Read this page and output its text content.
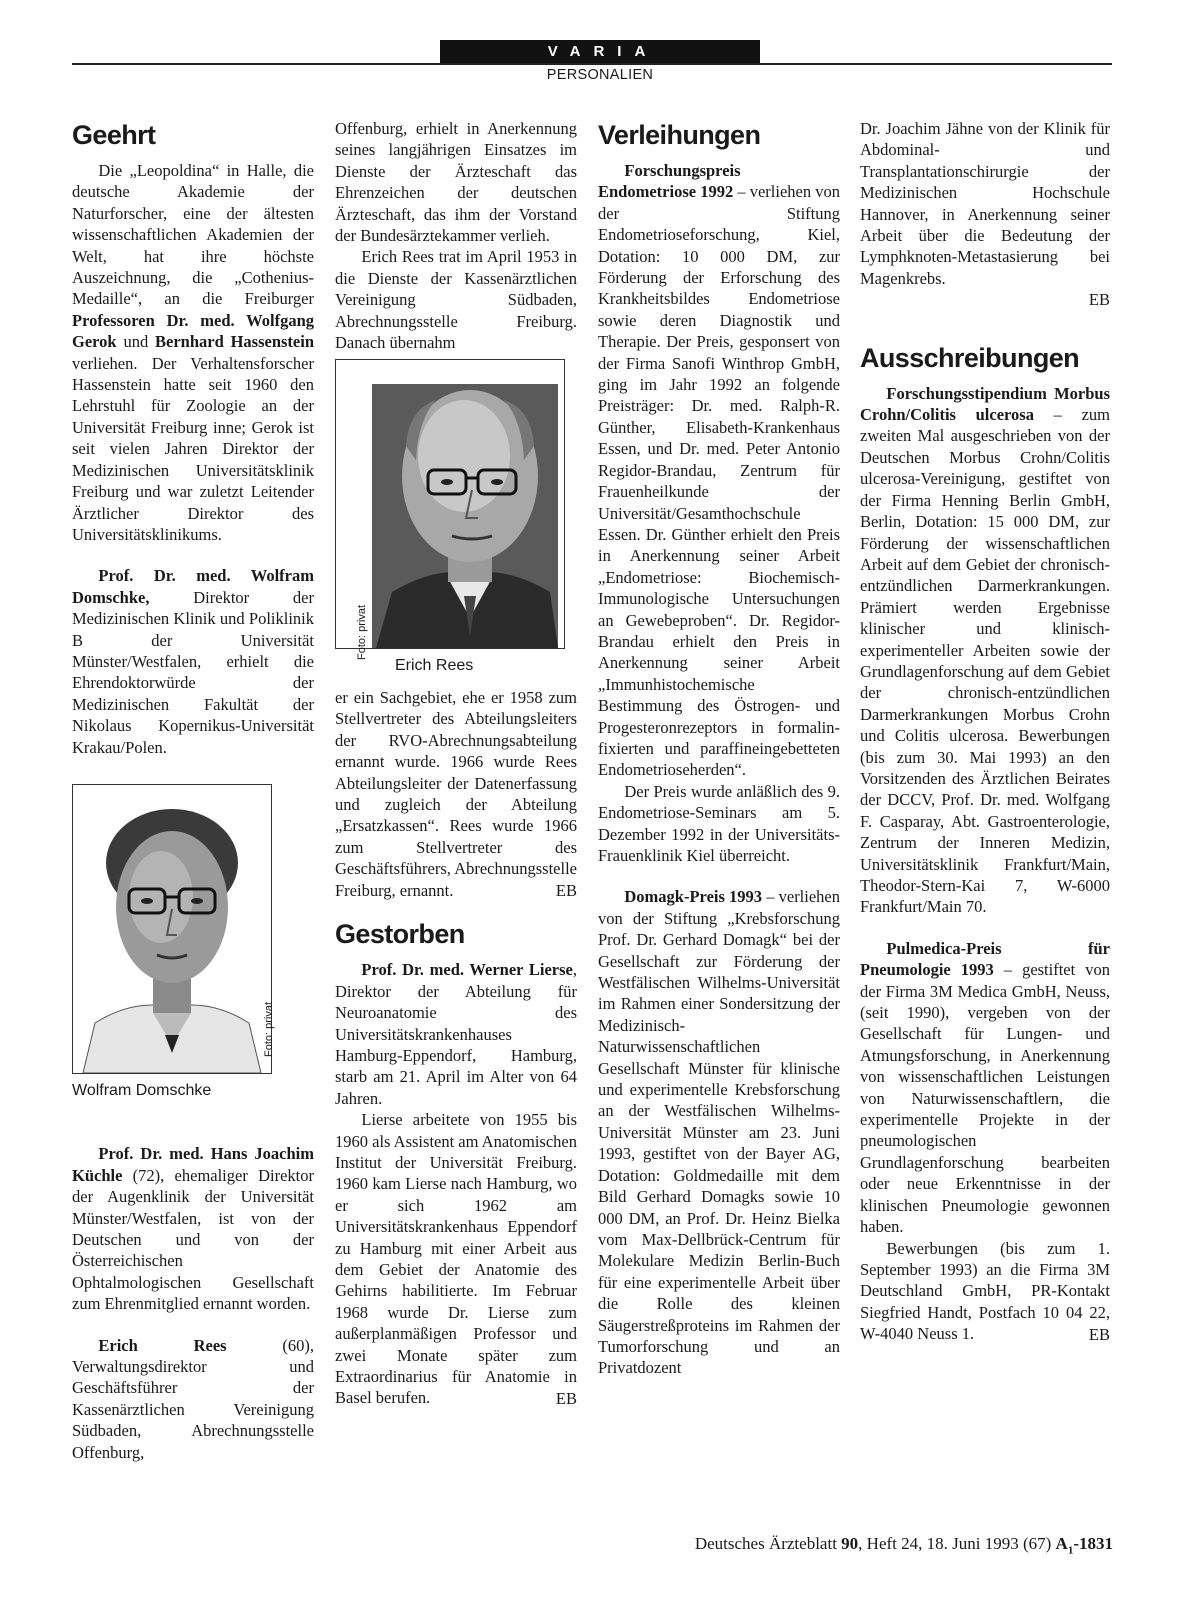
VARIA
PERSONALIEN
Geehrt

Die „Leopoldina“ in Halle, die deutsche Akademie der Naturforscher, eine der ältesten wissenschaftlichen Akademien der Welt, hat ihre höchste Auszeichnung, die „Cothenius-Medaille“, an die Freiburger Professoren Dr. med. Wolfgang Gerok und Bernhard Hassenstein verliehen. Der Verhaltensforscher Hassenstein hatte seit 1960 den Lehrstuhl für Zoologie an der Universität Freiburg inne; Gerok ist seit vielen Jahren Direktor der Medizinischen Universitätsklinik Freiburg und war zuletzt Leitender Ärztlicher Direktor des Universitätsklinikums.

Prof. Dr. med. Wolfram Domschke, Direktor der Medizinischen Klinik und Poliklinik B der Universität Münster/Westfalen, erhielt die Ehrendoktorwürde der Medizinischen Fakultät der Nikolaus Kopernikus-Universität Krakau/Polen.

Foto: privat
Wolfram Domschke

Prof. Dr. med. Hans Joachim Küchle (72), ehemaliger Direktor der Augenklinik der Universität Münster/Westfalen, ist von der Deutschen und von der Österreichischen Ophtalmologischen Gesellschaft zum Ehrenmitglied ernannt worden.

Erich Rees (60), Verwaltungsdirektor und Geschäftsführer der Kassenärztlichen Vereinigung Südbaden, Abrechnungsstelle Offenburg,

Offenburg, erhielt in Anerkennung seines langjährigen Einsatzes im Dienste der Ärzteschaft das Ehrenzeichen der deutschen Ärzteschaft, das ihm der Vorstand der Bundesärztekammer verlieh.

Erich Rees trat im April 1953 in die Dienste der Kassenärztlichen Vereinigung Südbaden, Abrechnungsstelle Freiburg. Danach übernahm

Foto: privat
Erich Rees

er ein Sachgebiet, ehe er 1958 zum Stellvertreter des Abteilungsleiters der RVO-Abrechnungsabteilung ernannt wurde. 1966 wurde Rees Abteilungsleiter der Datenerfassung und zugleich der Abteilung „Ersatzkassen“. Rees wurde 1966 zum Stellvertreter des Geschäftsführers, Abrechnungsstelle Freiburg, ernannt.	EB

Gestorben

Prof. Dr. med. Werner Lierse, Direktor der Abteilung für Neuroanatomie des Universitätskrankenhauses Hamburg-Eppendorf, Hamburg, starb am 21. April im Alter von 64 Jahren.

Lierse arbeitete von 1955 bis 1960 als Assistent am Anatomischen Institut der Universität Freiburg. 1960 kam Lierse nach Hamburg, wo er sich 1962 am Universitätskrankenhaus Eppendorf zu Hamburg mit einer Arbeit aus dem Gebiet der Anatomie des Gehirns habilitierte. Im Februar 1968 wurde Dr. Lierse zum außerplanmäßigen Professor und zwei Monate später zum Extraordinarius für Anatomie in Basel berufen.	EB

Verleihungen

Forschungspreis Endometriose 1992 – verliehen von der Stiftung Endometrioseforschung, Kiel, Dotation: 10 000 DM, zur Förderung der Erforschung des Krankheitsbildes Endometriose sowie deren Diagnostik und Therapie. Der Preis, gesponsert von der Firma Sanofi Winthrop GmbH, ging im Jahr 1992 an folgende Preisträger: Dr. med. Ralph-R. Günther, Elisabeth-Krankenhaus Essen, und Dr. med. Peter Antonio Regidor-Brandau, Zentrum für Frauenheilkunde der Universität/Gesamthochschule Essen. Dr. Günther erhielt den Preis in Anerkennung seiner Arbeit „Endometriose: Biochemisch-Immunologische Untersuchungen an Gewebeproben“. Dr. Regidor-Brandau erhielt den Preis in Anerkennung seiner Arbeit „Immunhistochemische Bestimmung des Östrogen- und Progesteronrezeptors in formalin-fixierten und paraffineingebetteten Endometrioseherden“.

Der Preis wurde anläßlich des 9. Endometriose-Seminars am 5. Dezember 1992 in der Universitäts-Frauenklinik Kiel überreicht.

Domagk-Preis 1993 – verliehen von der Stiftung „Krebsforschung Prof. Dr. Gerhard Domagk“ bei der Gesellschaft zur Förderung der Westfälischen Wilhelms-Universität im Rahmen einer Sondersitzung der Medizinisch-Naturwissenschaftlichen Gesellschaft Münster für klinische und experimentelle Krebsforschung an der Westfälischen Wilhelms-Universität Münster am 23. Juni 1993, gestiftet von der Bayer AG, Dotation: Goldmedaille mit dem Bild Gerhard Domagks sowie 10 000 DM, an Prof. Dr. Heinz Bielka vom Max-Dellbrück-Centrum für Molekulare Medizin Berlin-Buch für eine experimentelle Arbeit über die Rolle des kleinen Säugerstreßproteins im Rahmen der Tumorforschung und an Privatdozent

Dr. Joachim Jähne von der Klinik für Abdominal- und Transplantationschirurgie der Medizinischen Hochschule Hannover, in Anerkennung seiner Arbeit über die Bedeutung der Lymphknoten-Metastasierung bei Magenkrebs.

EB

Ausschreibungen

Forschungsstipendium Morbus Crohn/Colitis ulcerosa – zum zweiten Mal ausgeschrieben von der Deutschen Morbus Crohn/Colitis ulcerosa-Vereinigung, gestiftet von der Firma Henning Berlin GmbH, Berlin, Dotation: 15 000 DM, zur Förderung der wissenschaftlichen Arbeit auf dem Gebiet der chronisch-entzündlichen Darmerkrankungen. Prämiert werden Ergebnisse klinischer und klinisch-experimenteller Arbeiten sowie der Grundlagenforschung auf dem Gebiet der chronisch-entzündlichen Darmerkrankungen Morbus Crohn und Colitis ulcerosa. Bewerbungen (bis zum 30. Mai 1993) an den Vorsitzenden des Ärztlichen Beirates der DCCV, Prof. Dr. med. Wolfgang F. Casparay, Abt. Gastroenterologie, Zentrum der Inneren Medizin, Universitätsklinik Frankfurt/Main, Theodor-Stern-Kai 7, W-6000 Frankfurt/Main 70.

Pulmedica-Preis für Pneumologie 1993 – gestiftet von der Firma 3M Medica GmbH, Neuss, (seit 1990), vergeben von der Gesellschaft für Lungen- und Atmungsforschung, in Anerkennung von wissenschaftlichen Leistungen von Naturwissenschaftlern, die experimentelle Projekte in der pneumologischen Grundlagenforschung bearbeiten oder neue Erkenntnisse in der klinischen Pneumologie gewonnen haben.

Bewerbungen (bis zum 1. September 1993) an die Firma 3M Deutschland GmbH, PR-Kontakt Siegfried Handt, Postfach 10 04 22, W-4040 Neuss 1.	EB

Deutsches Ärzteblatt 90, Heft 24, 18. Juni 1993 (67) $A_1-1831$
